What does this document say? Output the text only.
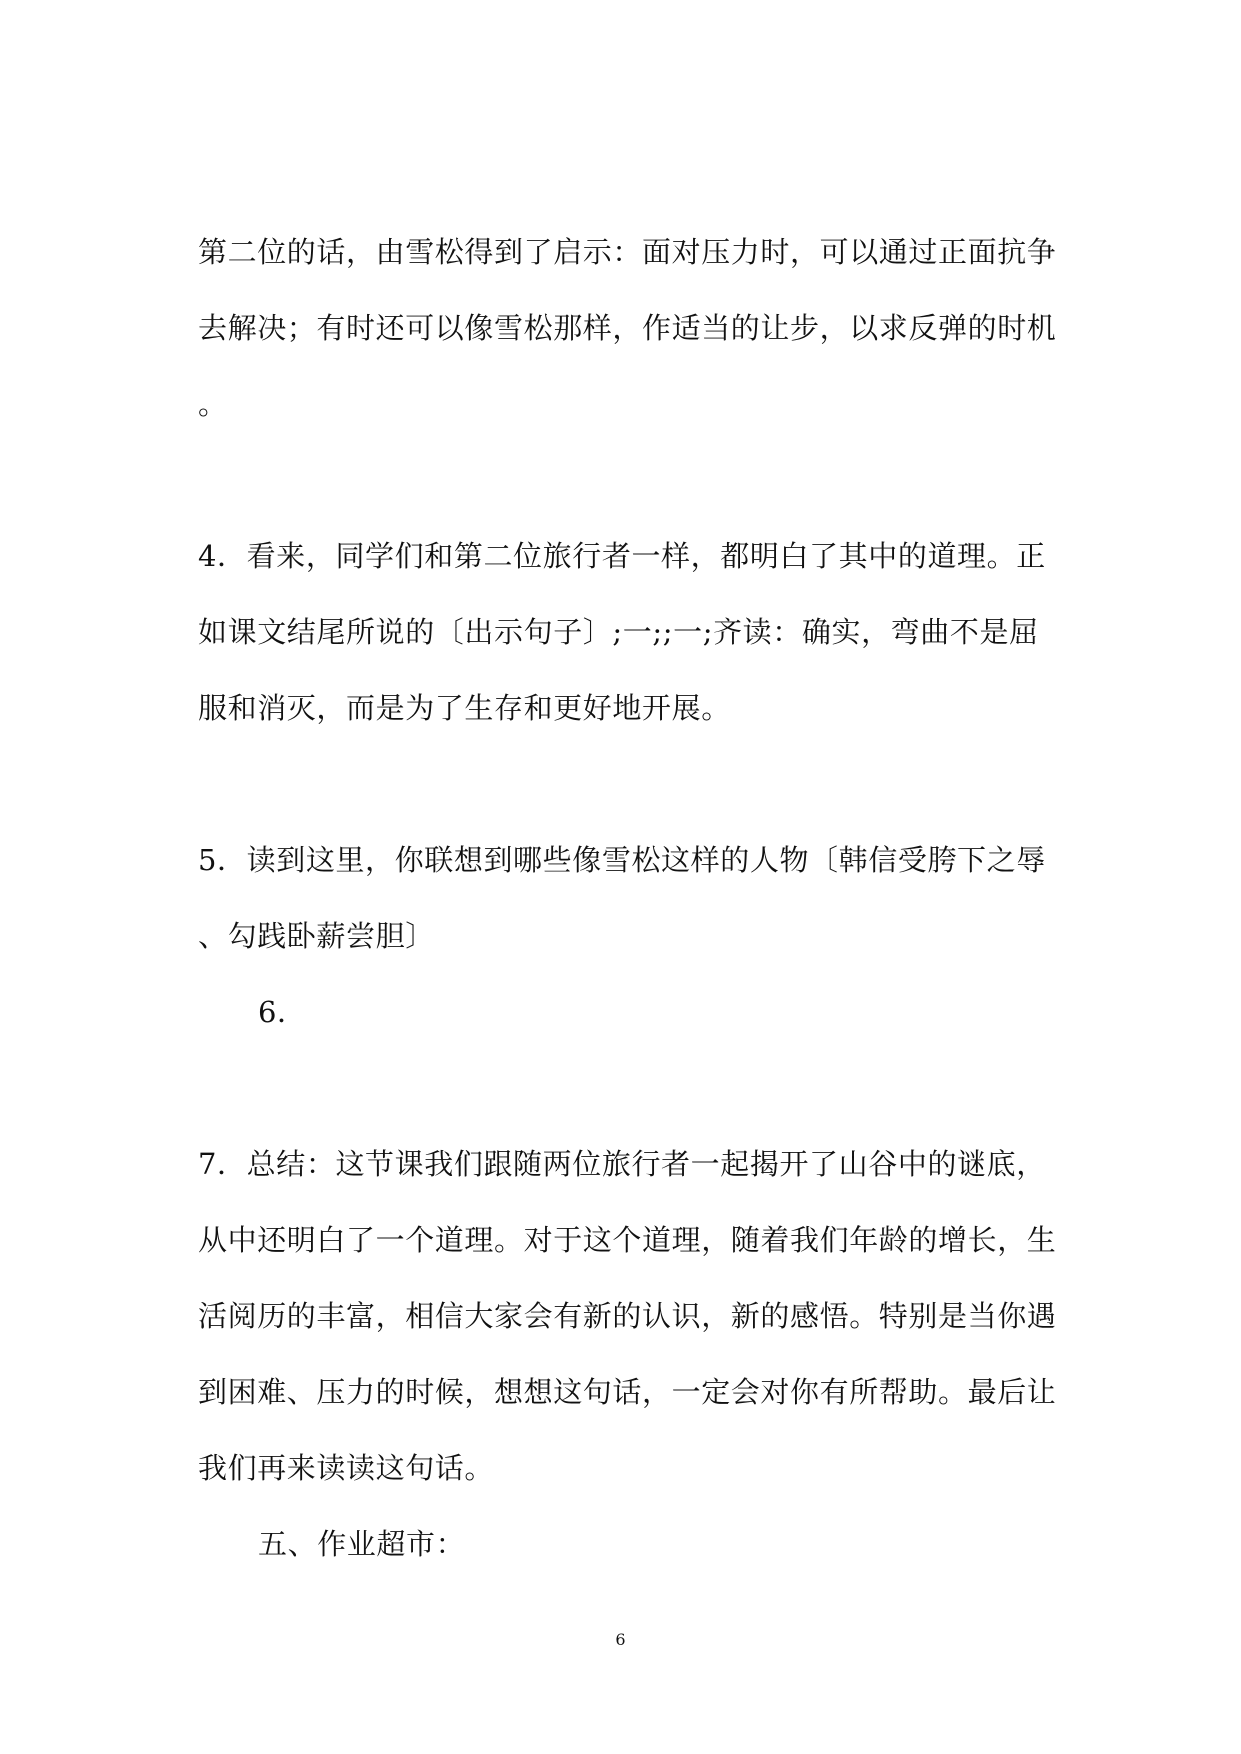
第二位的话，由雪松得到了启示：面对压力时，可以通过正面抗争
去解决；有时还可以像雪松那样，作适当的让步，以求反弹的时机
。
4．看来，同学们和第二位旅行者一样，都明白了其中的道理。正
如课文结尾所说的〔出示句子〕;一;;一;齐读：确实，弯曲不是屈
服和消灭，而是为了生存和更好地开展。
5．读到这里，你联想到哪些像雪松这样的人物〔韩信受胯下之辱
、勾践卧薪尝胆〕
6．
7．总结：这节课我们跟随两位旅行者一起揭开了山谷中的谜底，
从中还明白了一个道理。对于这个道理，随着我们年龄的增长，生
活阅历的丰富，相信大家会有新的认识，新的感悟。特别是当你遇
到困难、压力的时候，想想这句话，一定会对你有所帮助。最后让
我们再来读读这句话。
五、作业超市：
6
